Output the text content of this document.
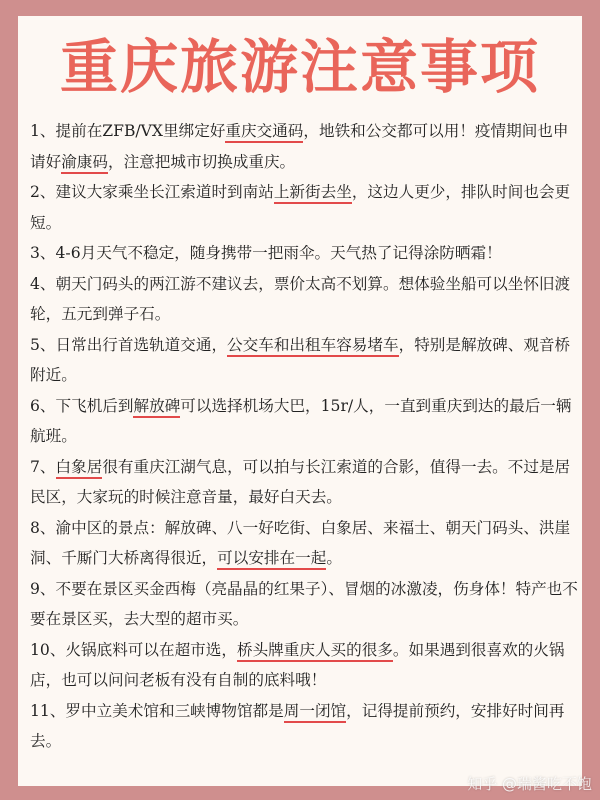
重庆旅游注意事项

1、提前在ZFB/VX里绑定好重庆交通码，地铁和公交都可以用！疫情期间也申请好渝康码，注意把城市切换成重庆。

2、建议大家乘坐长江索道时到南站上新街去坐，这边人更少，排队时间也会更短。

3、4-6月天气不稳定，随身携带一把雨伞。天气热了记得涂防晒霜！

4、朝天门码头的两江游不建议去，票价太高不划算。想体验坐船可以坐怀旧渡轮，五元到弹子石。

5、日常出行首选轨道交通，公交车和出租车容易堵车，特别是解放碑、观音桥附近。

6、下飞机后到解放碑可以选择机场大巴，15r/人，一直到重庆到达的最后一辆航班。

7、白象居很有重庆江湖气息，可以拍与长江索道的合影，值得一去。不过是居民区，大家玩的时候注意音量，最好白天去。

8、渝中区的景点：解放碑、八一好吃街、白象居、来福士、朝天门码头、洪崖洞、千厮门大桥离得很近，可以安排在一起。

9、不要在景区买金西梅（亮晶晶的红果子）、冒烟的冰激凌，伤身体！特产也不要在景区买，去大型的超市买。

10、火锅底料可以在超市选，桥头牌重庆人买的很多。如果遇到很喜欢的火锅店，也可以问问老板有没有自制的底料哦！

11、罗中立美术馆和三峡博物馆都是周一闭馆，记得提前预约，安排好时间再去。

知乎 @瑞酱吃不饱
